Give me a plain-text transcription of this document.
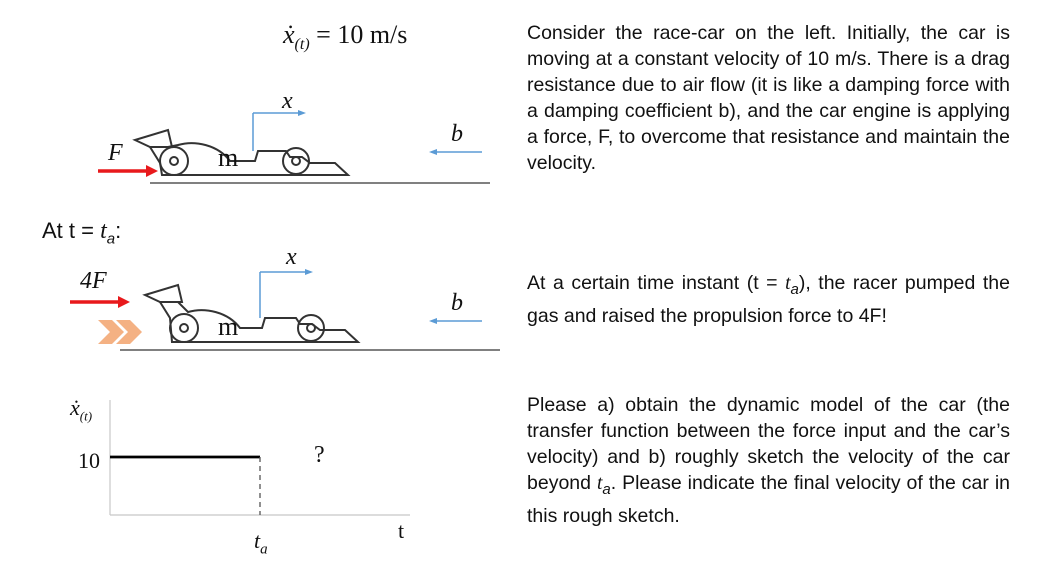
ẋ$_{(t)}$ = 10 m/s
F	m
x
b
At $t = t_a$:
4F
m
x
b
ẋ$_{(t)}$
10	?
t
$t_a$
Consider the race-car on the left. Initially, the car is moving at a constant velocity of 10 m/s. There is a drag resistance due to air flow (it is like a damping force with a damping coefficient b), and the car engine is applying a force, F, to overcome that resistance and maintain the velocity.
At a certain time instant $(t = t_a)$, the racer pumped the gas and raised the propulsion force to 4F!
Please a) obtain the dynamic model of the car (the transfer function between the force input and the car’s velocity) and b) roughly sketch the velocity of the car beyond $t_a$. Please indicate the final velocity of the car in this rough sketch.
